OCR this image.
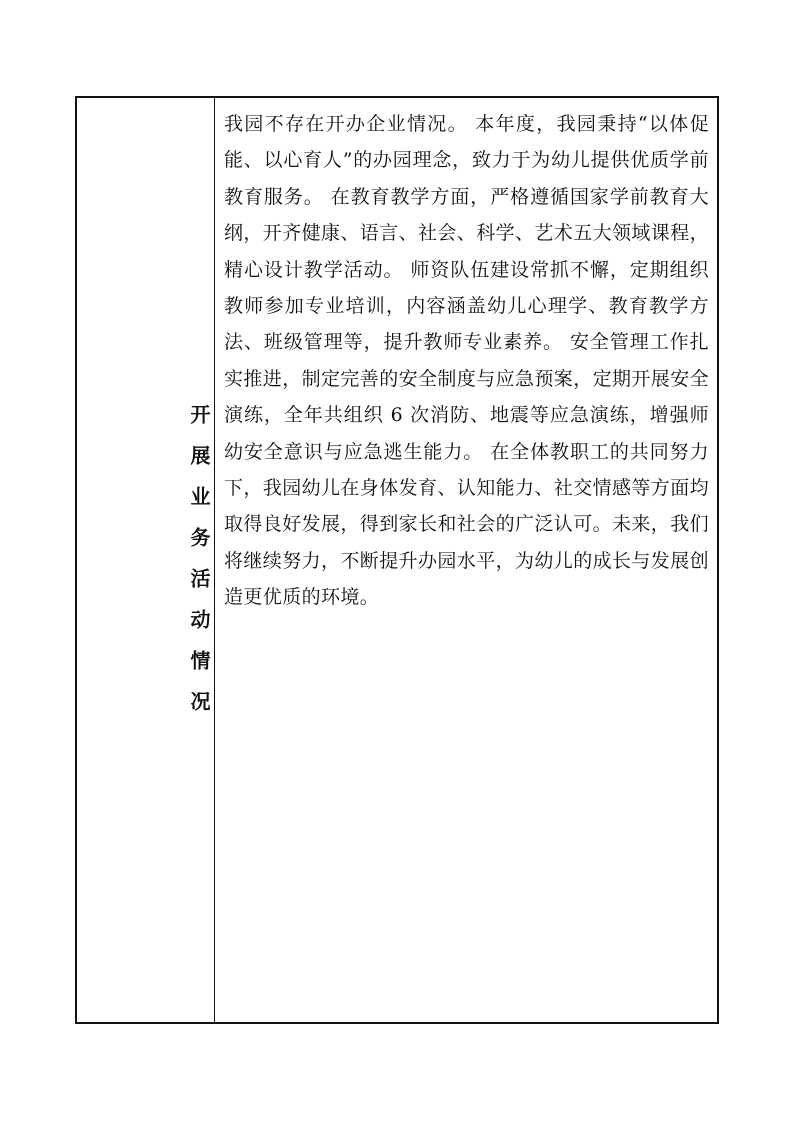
开展业务活动情况

我园不存在开办企业情况。 本年度，我园秉持“以体促能、以心育人”的办园理念，致力于为幼儿提供优质学前教育服务。 在教育教学方面，严格遵循国家学前教育大纲，开齐健康、语言、社会、科学、艺术五大领域课程，精心设计教学活动。 师资队伍建设常抓不懈，定期组织教师参加专业培训，内容涵盖幼儿心理学、教育教学方法、班级管理等，提升教师专业素养。 安全管理工作扎实推进，制定完善的安全制度与应急预案，定期开展安全演练，全年共组织 6 次消防、地震等应急演练，增强师幼安全意识与应急逃生能力。 在全体教职工的共同努力下，我园幼儿在身体发育、认知能力、社交情感等方面均取得良好发展，得到家长和社会的广泛认可。未来，我们将继续努力，不断提升办园水平，为幼儿的成长与发展创造更优质的环境。
